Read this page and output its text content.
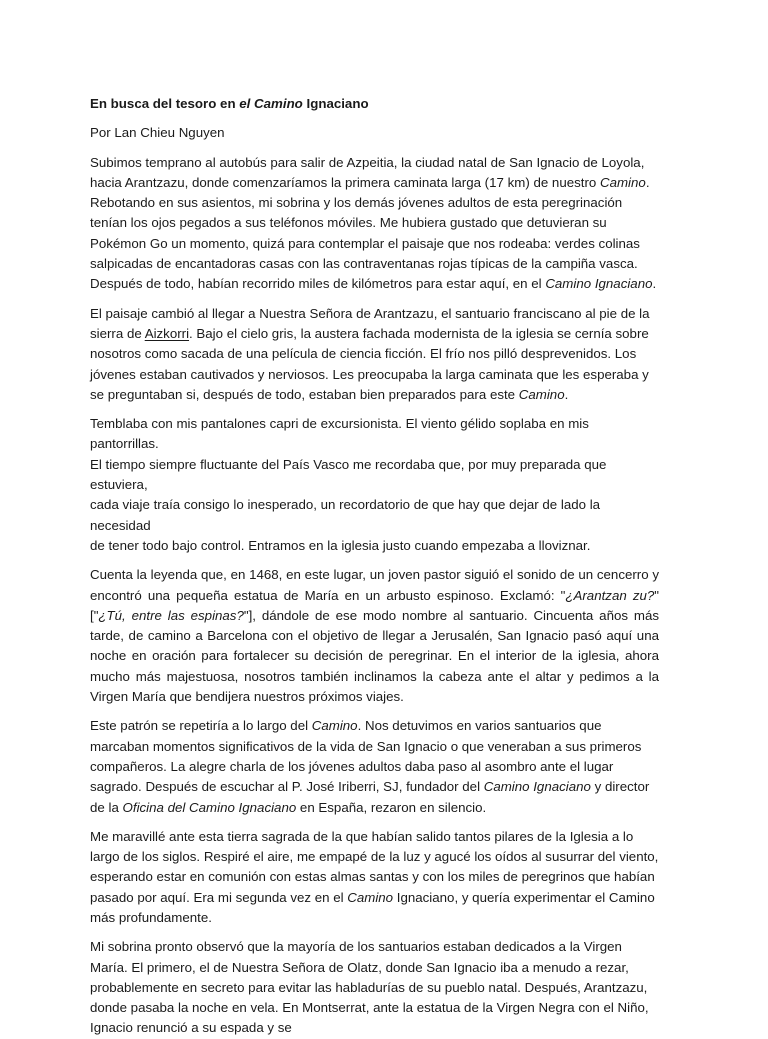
En busca del tesoro en el Camino Ignaciano
Por Lan Chieu Nguyen
Subimos temprano al autobús para salir de Azpeitia, la ciudad natal de San Ignacio de Loyola, hacia Arantzazu, donde comenzaríamos la primera caminata larga (17 km) de nuestro Camino. Rebotando en sus asientos, mi sobrina y los demás jóvenes adultos de esta peregrinación tenían los ojos pegados a sus teléfonos móviles. Me hubiera gustado que detuvieran su Pokémon Go un momento, quizá para contemplar el paisaje que nos rodeaba: verdes colinas salpicadas de encantadoras casas con las contraventanas rojas típicas de la campiña vasca. Después de todo, habían recorrido miles de kilómetros para estar aquí, en el Camino Ignaciano.
El paisaje cambió al llegar a Nuestra Señora de Arantzazu, el santuario franciscano al pie de la sierra de Aizkorri. Bajo el cielo gris, la austera fachada modernista de la iglesia se cernía sobre nosotros como sacada de una película de ciencia ficción. El frío nos pilló desprevenidos. Los jóvenes estaban cautivados y nerviosos. Les preocupaba la larga caminata que les esperaba y se preguntaban si, después de todo, estaban bien preparados para este Camino.
Temblaba con mis pantalones capri de excursionista. El viento gélido soplaba en mis pantorrillas.
El tiempo siempre fluctuante del País Vasco me recordaba que, por muy preparada que estuviera,
cada viaje traía consigo lo inesperado, un recordatorio de que hay que dejar de lado la necesidad
de tener todo bajo control. Entramos en la iglesia justo cuando empezaba a lloviznar.
Cuenta la leyenda que, en 1468, en este lugar, un joven pastor siguió el sonido de un cencerro y encontró una pequeña estatua de María en un arbusto espinoso. Exclamó: "¿Arantzan zu?" ["¿Tú, entre las espinas?"], dándole de ese modo nombre al santuario. Cincuenta años más tarde, de camino a Barcelona con el objetivo de llegar a Jerusalén, San Ignacio pasó aquí una noche en oración para fortalecer su decisión de peregrinar. En el interior de la iglesia, ahora mucho más majestuosa, nosotros también inclinamos la cabeza ante el altar y pedimos a la Virgen María que bendijera nuestros próximos viajes.
Este patrón se repetiría a lo largo del Camino. Nos detuvimos en varios santuarios que marcaban momentos significativos de la vida de San Ignacio o que veneraban a sus primeros compañeros. La alegre charla de los jóvenes adultos daba paso al asombro ante el lugar sagrado. Después de escuchar al P. José Iriberri, SJ, fundador del Camino Ignaciano y director de la Oficina del Camino Ignaciano en España, rezaron en silencio.
Me maravillé ante esta tierra sagrada de la que habían salido tantos pilares de la Iglesia a lo largo de los siglos. Respiré el aire, me empapé de la luz y agucé los oídos al susurrar del viento, esperando estar en comunión con estas almas santas y con los miles de peregrinos que habían pasado por aquí. Era mi segunda vez en el Camino Ignaciano, y quería experimentar el Camino más profundamente.
Mi sobrina pronto observó que la mayoría de los santuarios estaban dedicados a la Virgen María. El primero, el de Nuestra Señora de Olatz, donde San Ignacio iba a menudo a rezar, probablemente en secreto para evitar las habladurías de su pueblo natal. Después, Arantzazu, donde pasaba la noche en vela. En Montserrat, ante la estatua de la Virgen Negra con el Niño, Ignacio renunció a su espada y se
